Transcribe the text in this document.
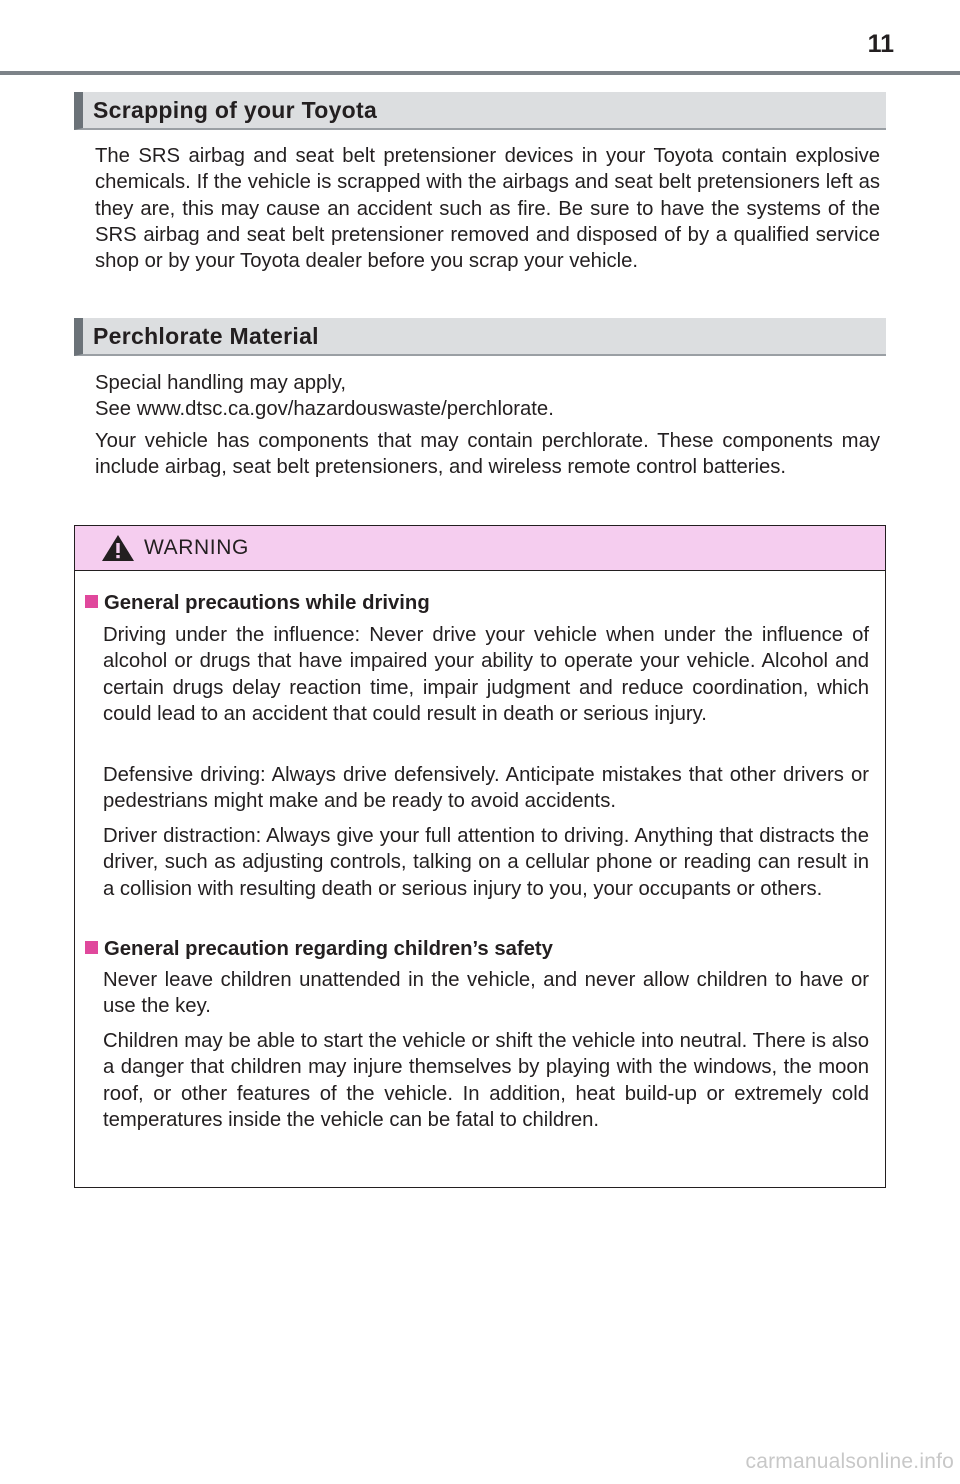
11
Scrapping of your Toyota
The SRS airbag and seat belt pretensioner devices in your Toyota contain explosive chemicals. If the vehicle is scrapped with the airbags and seat belt pretensioners left as they are, this may cause an accident such as fire. Be sure to have the systems of the SRS airbag and seat belt pretensioner removed and disposed of by a qualified service shop or by your Toyota dealer before you scrap your vehicle.
Perchlorate Material
Special handling may apply,
See www.dtsc.ca.gov/hazardouswaste/perchlorate.
Your vehicle has components that may contain perchlorate. These components may include airbag, seat belt pretensioners, and wireless remote control batteries.
WARNING
General precautions while driving
Driving under the influence: Never drive your vehicle when under the influence of alcohol or drugs that have impaired your ability to operate your vehicle. Alcohol and certain drugs delay reaction time, impair judgment and reduce coordination, which could lead to an accident that could result in death or serious injury.
Defensive driving: Always drive defensively. Anticipate mistakes that other drivers or pedestrians might make and be ready to avoid accidents.
Driver distraction: Always give your full attention to driving. Anything that distracts the driver, such as adjusting controls, talking on a cellular phone or reading can result in a collision with resulting death or serious injury to you, your occupants or others.
General precaution regarding children’s safety
Never leave children unattended in the vehicle, and never allow children to have or use the key.
Children may be able to start the vehicle or shift the vehicle into neutral. There is also a danger that children may injure themselves by playing with the windows, the moon roof, or other features of the vehicle. In addition, heat build-up or extremely cold temperatures inside the vehicle can be fatal to children.
carmanualsonline.info
